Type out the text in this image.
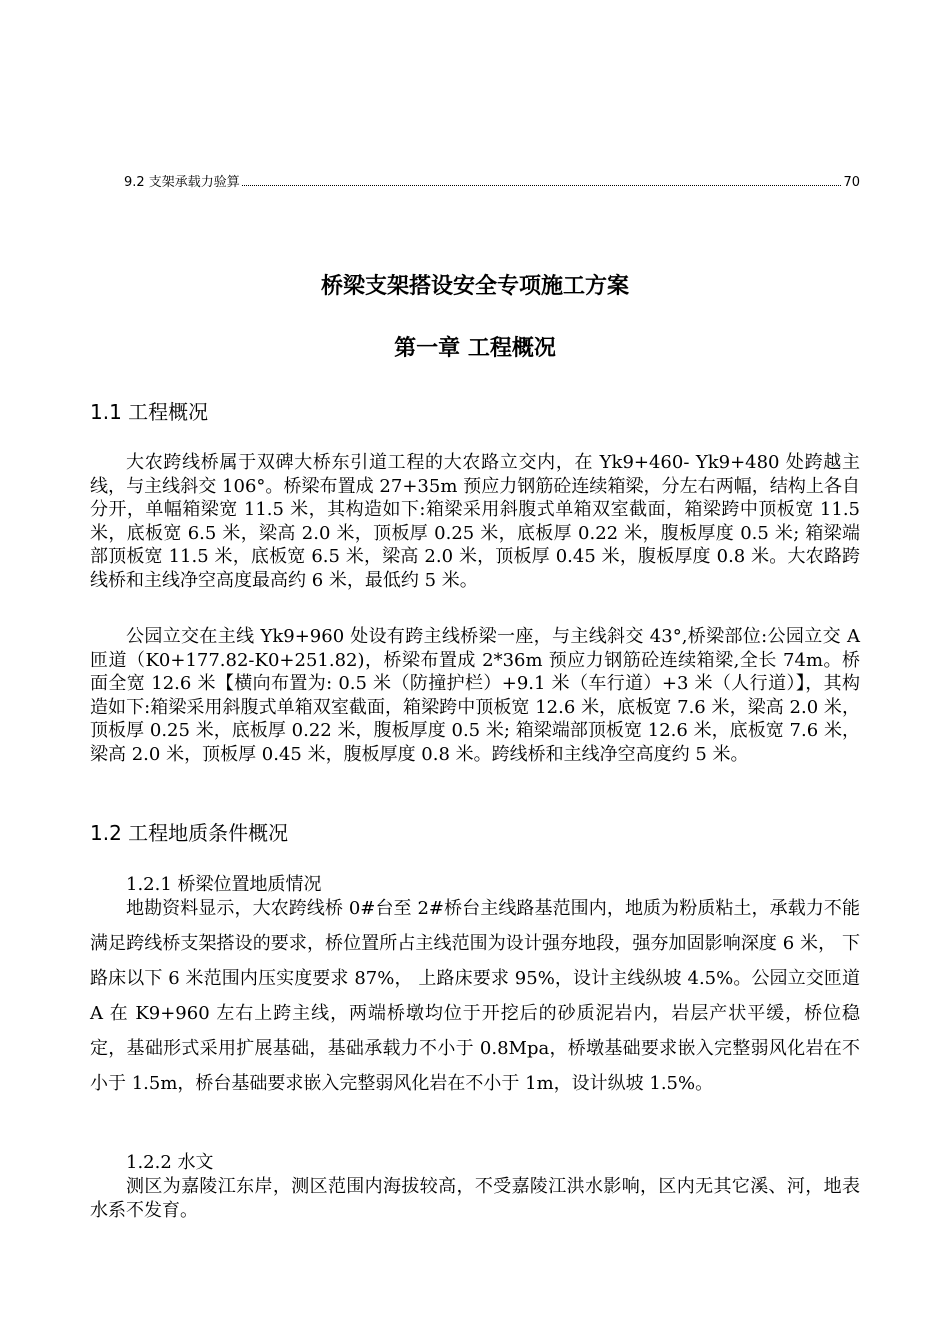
9.2 支架承载力验算	70
桥梁支架搭设安全专项施工方案
第一章 工程概况
1.1 工程概况

大农跨线桥属于双碑大桥东引道工程的大农路立交内，在 Yk9+460- Yk9+480 处跨越主线，与主线斜交 106°。桥梁布置成 27+35m 预应力钢筋砼连续箱梁，分左右两幅，结构上各自分开，单幅箱梁宽 11.5 米，其构造如下:箱梁采用斜腹式单箱双室截面，箱梁跨中顶板宽 11.5 米，底板宽 6.5 米，梁高 2.0 米，顶板厚 0.25 米，底板厚 0.22 米，腹板厚度 0.5 米; 箱梁端部顶板宽 11.5 米，底板宽 6.5 米，梁高 2.0 米，顶板厚 0.45 米，腹板厚度 0.8 米。大农路跨线桥和主线净空高度最高约 6 米，最低约 5 米。

公园立交在主线 Yk9+960 处设有跨主线桥梁一座，与主线斜交 43°,桥梁部位:公园立交 A 匝道（K0+177.82-K0+251.82)，桥梁布置成 2*36m 预应力钢筋砼连续箱梁,全长 74m。桥面全宽 12.6 米【横向布置为: 0.5 米（防撞护栏）+9.1 米（车行道）+3 米（人行道）】，其构造如下:箱梁采用斜腹式单箱双室截面，箱梁跨中顶板宽 12.6 米，底板宽 7.6 米，梁高 2.0 米，顶板厚 0.25 米，底板厚 0.22 米，腹板厚度 0.5 米; 箱梁端部顶板宽 12.6 米，底板宽 7.6 米，梁高 2.0 米，顶板厚 0.45 米，腹板厚度 0.8 米。跨线桥和主线净空高度约 5 米。

1.2 工程地质条件概况

1.2.1 桥梁位置地质情况

地勘资料显示，大农跨线桥 0#台至 2#桥台主线路基范围内，地质为粉质粘土，承载力不能满足跨线桥支架搭设的要求，桥位置所占主线范围为设计强夯地段，强夯加固影响深度 6 米， 下路床以下 6 米范围内压实度要求 87%， 上路床要求 95%，设计主线纵坡 4.5%。公园立交匝道 A 在 K9+960 左右上跨主线，两端桥墩均位于开挖后的砂质泥岩内，岩层产状平缓，桥位稳定，基础形式采用扩展基础，基础承载力不小于 0.8Mpa，桥墩基础要求嵌入完整弱风化岩在不小于 1.5m，桥台基础要求嵌入完整弱风化岩在不小于 1m，设计纵坡 1.5%。

1.2.2 水文

测区为嘉陵江东岸，测区范围内海拔较高，不受嘉陵江洪水影响，区内无其它溪、河，地表水系不发育。
